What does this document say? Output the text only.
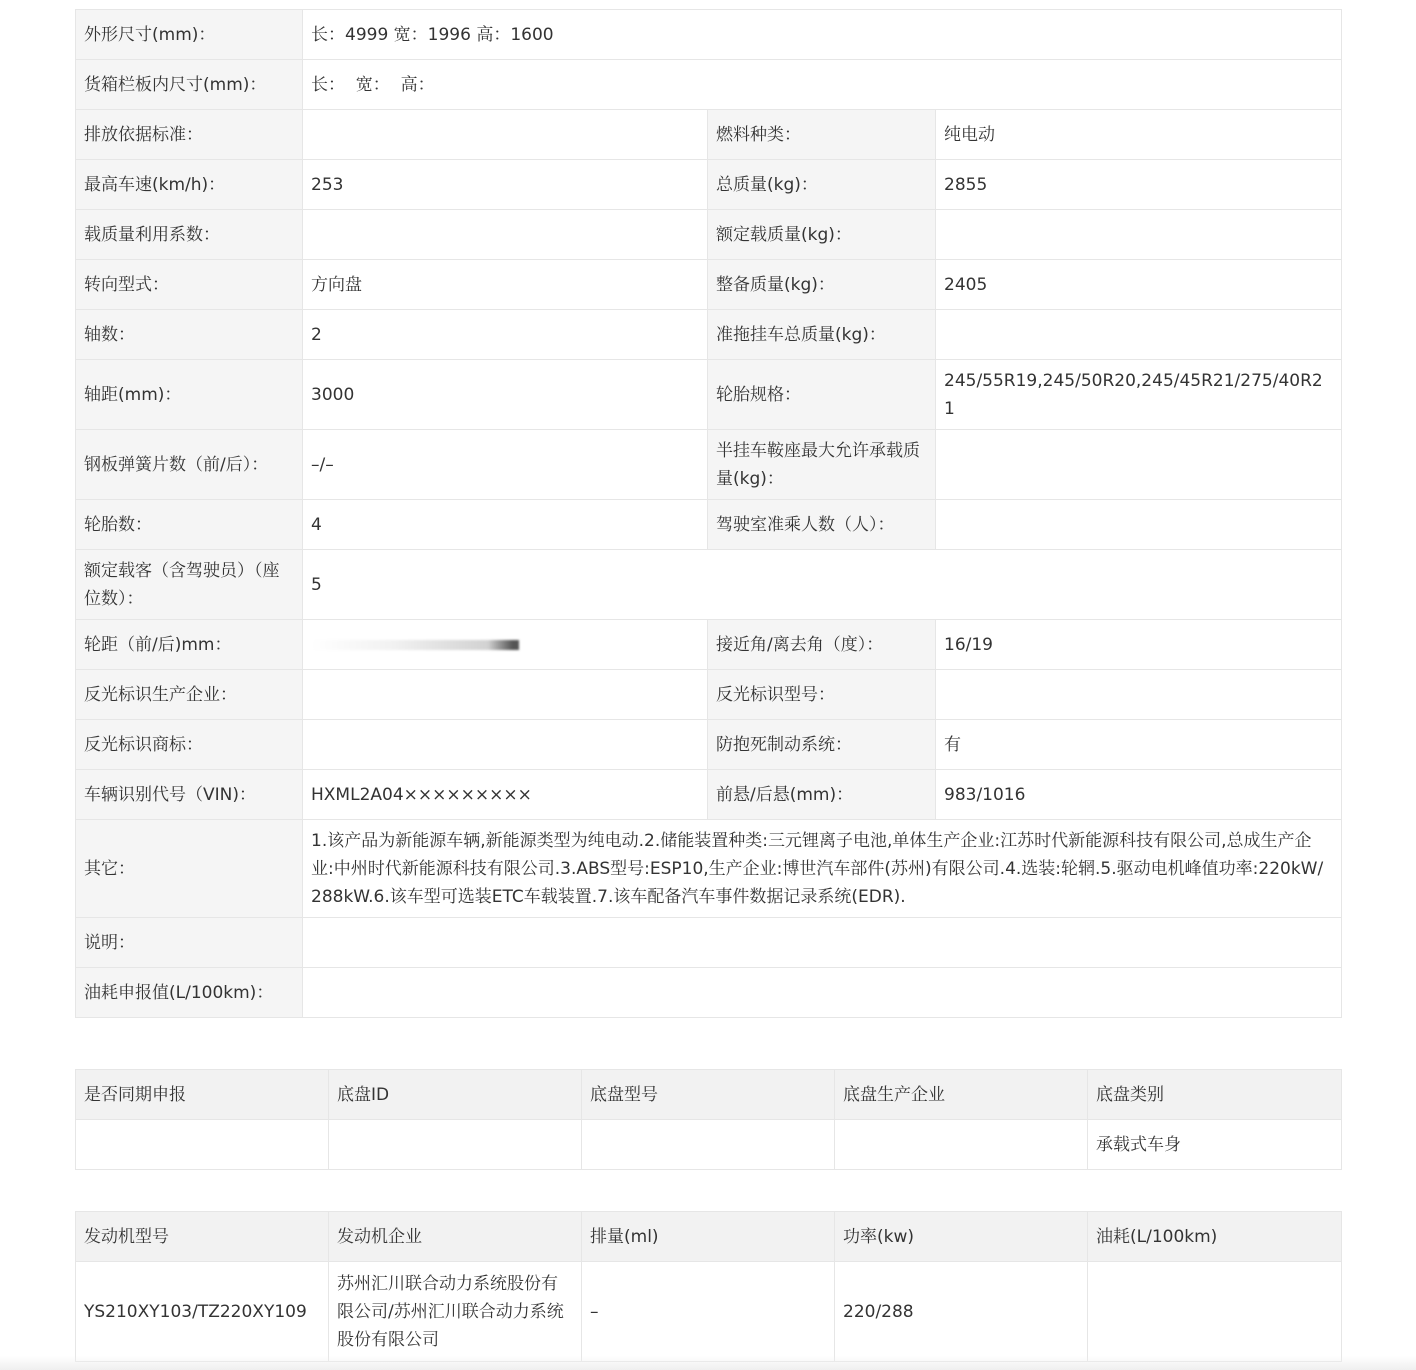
外形尺寸(mm)：	长：4999 宽：1996 高：1600		
货箱栏板内尺寸(mm)：	长：  宽：  高：		
排放依据标准：		燃料种类：	纯电动
最高车速(km/h)：	253	总质量(kg)：	2855
载质量利用系数：		额定载质量(kg)：	
转向型式：	方向盘	整备质量(kg)：	2405
轴数：	2	准拖挂车总质量(kg)：	
轴距(mm)：	3000	轮胎规格：	245/55R19,245/50R20,245/45R21/275/40R21
钢板弹簧片数（前/后）：	–/–	半挂车鞍座最大允许承载质量(kg)：	
轮胎数：	4	驾驶室准乘人数（人）：	
额定载客（含驾驶员）（座位数）：	5		
轮距（前/后)mm：		接近角/离去角（度）：	16/19
反光标识生产企业：		反光标识型号：	
反光标识商标：		防抱死制动系统：	有
车辆识别代号（VIN)：	HXML2A04×××××××××	前悬/后悬(mm)：	983/1016
其它：	1.该产品为新能源车辆,新能源类型为纯电动.2.储能装置种类:三元锂离子电池,单体生产企业:江苏时代新能源科技有限公司,总成生产企业:中州时代新能源科技有限公司.3.ABS型号:ESP10,生产企业:博世汽车部件(苏州)有限公司.4.选装:轮辋.5.驱动电机峰值功率:220kW/288kW.6.该车型可选装ETC车载装置.7.该车配备汽车事件数据记录系统(EDR).		
说明：			
油耗申报值(L/100km)：			
是否同期申报	底盘ID	底盘型号	底盘生产企业	底盘类别
				承载式车身
发动机型号	发动机企业	排量(ml)	功率(kw)	油耗(L/100km)
YS210XY103/TZ220XY109	苏州汇川联合动力系统股份有限公司/苏州汇川联合动力系统股份有限公司	–	220/288	
